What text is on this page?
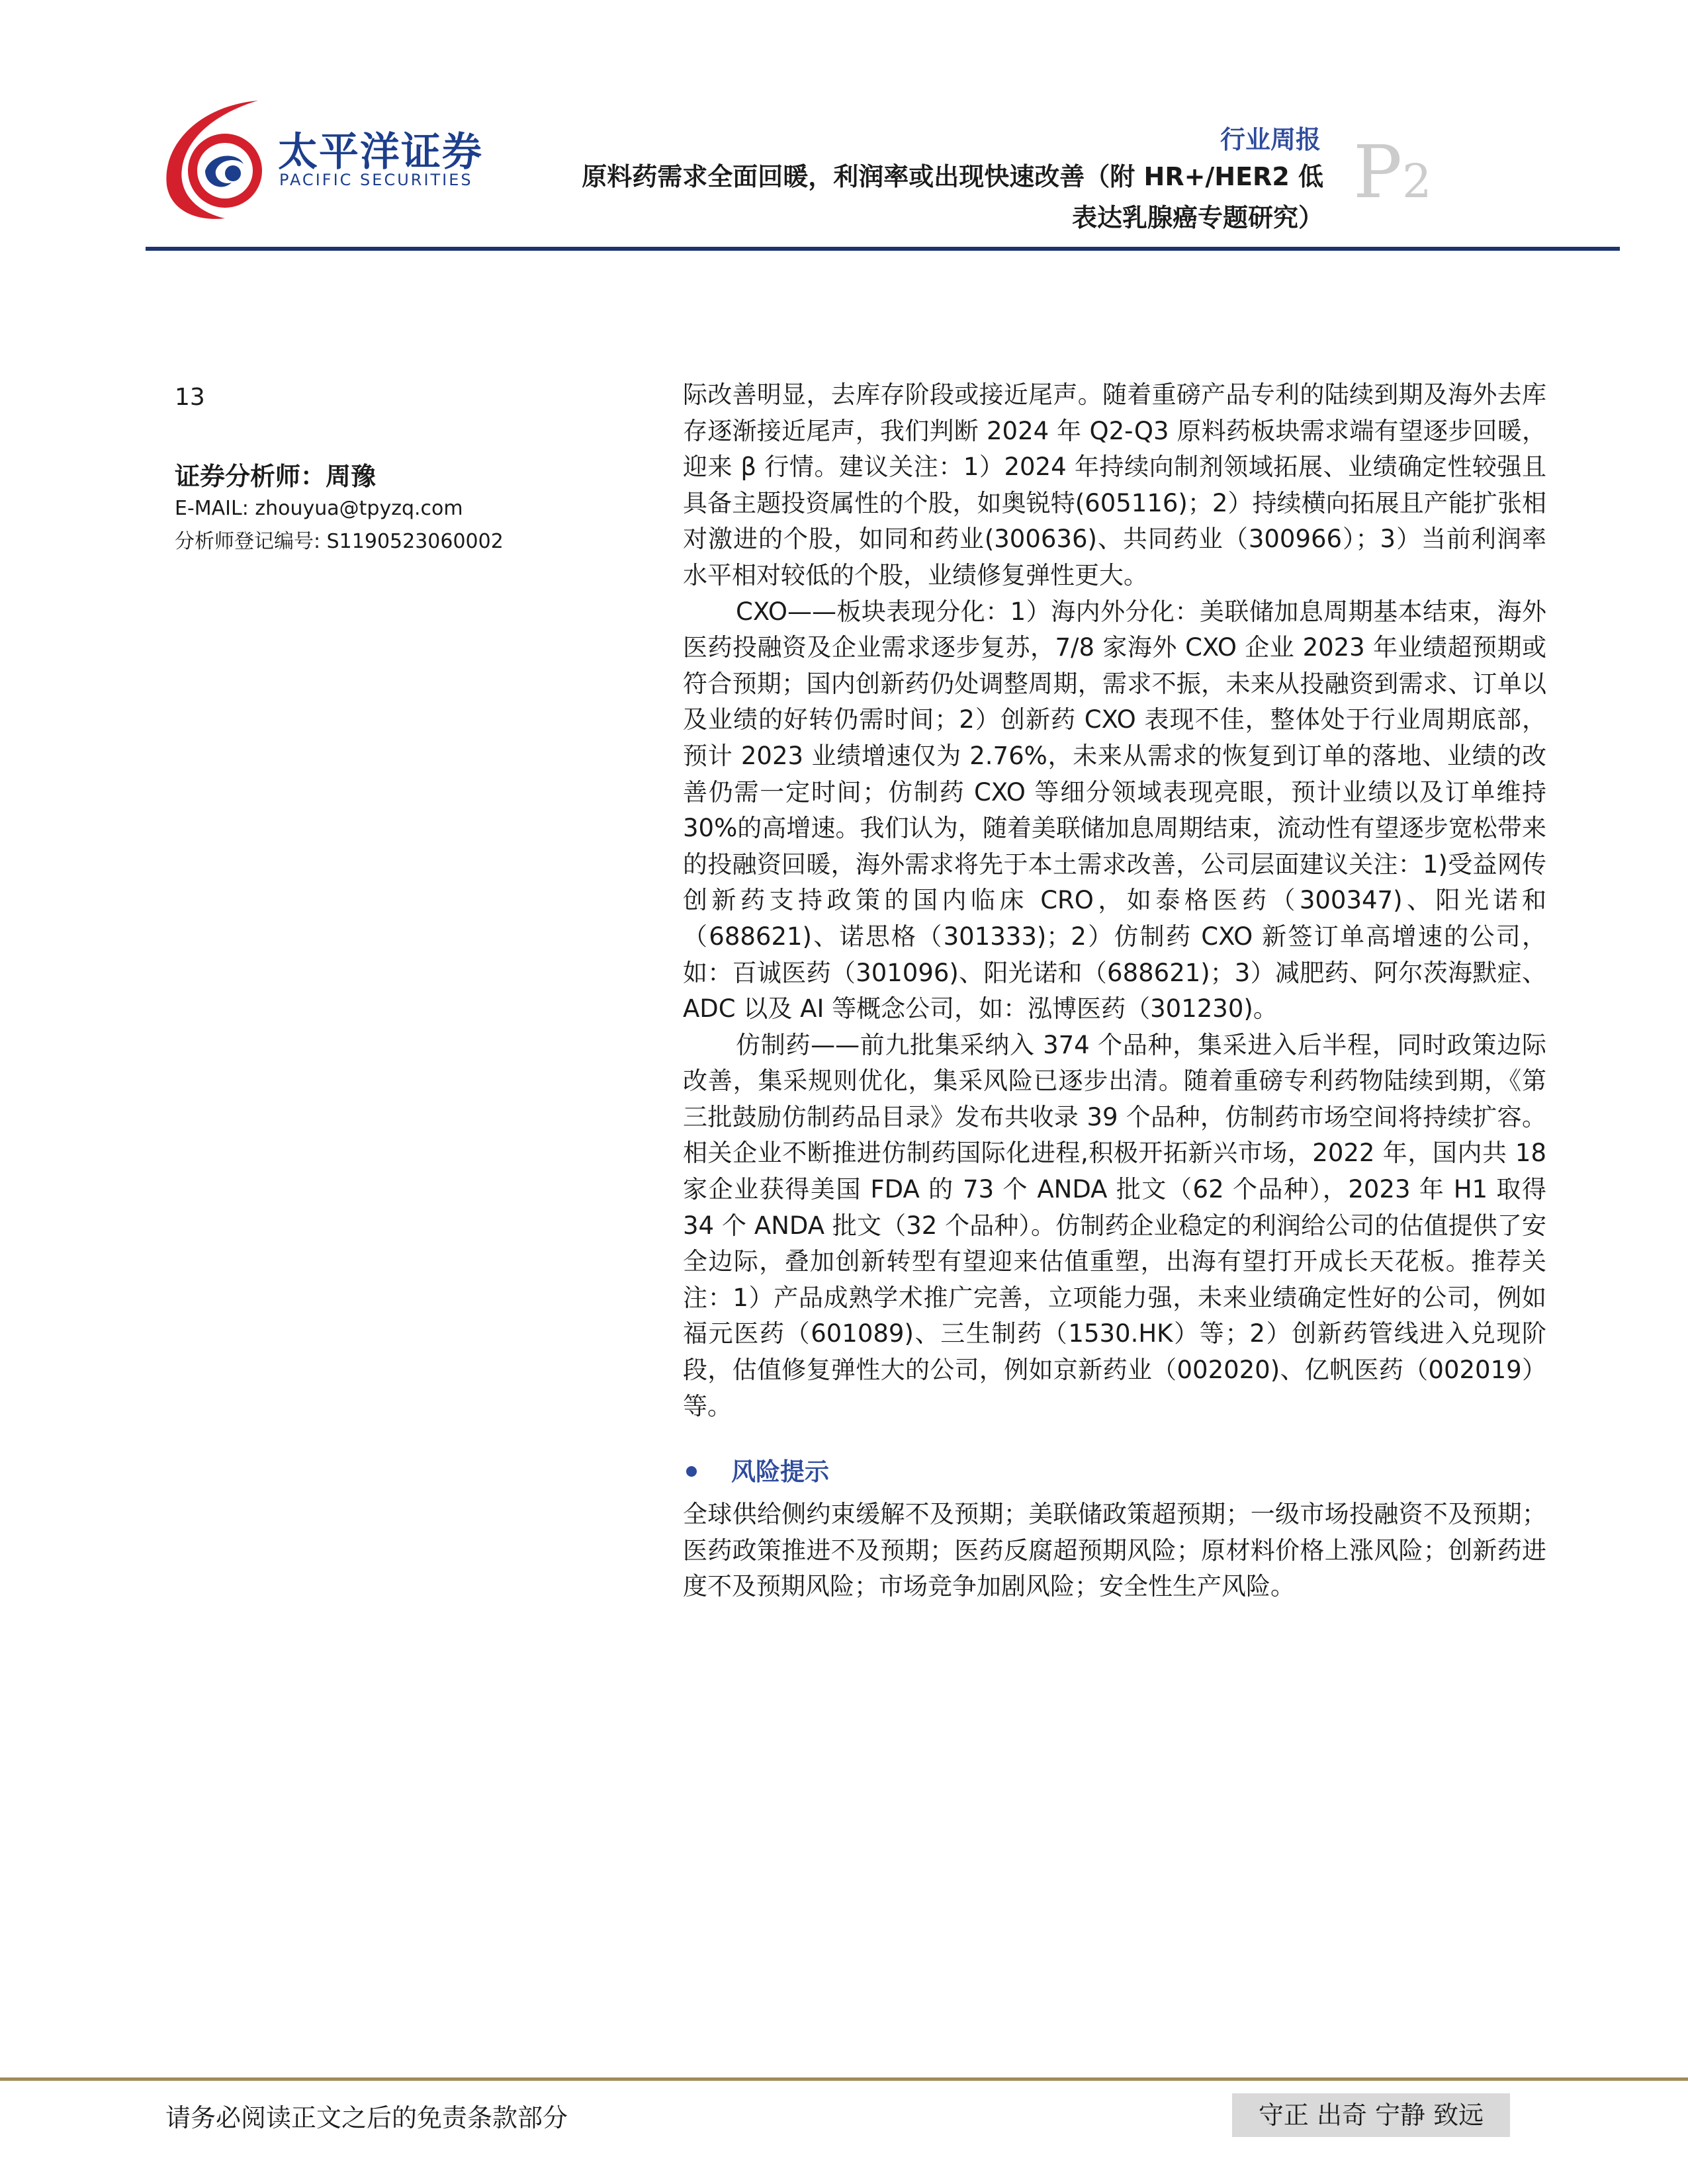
太平洋证券
PACIFIC SECURITIES
行业周报
原料药需求全面回暖，利润率或出现快速改善（附 HR+/HER2 低
表达乳腺癌专题研究）
P2
13
证券分析师：周豫
E-MAIL: zhouyua@tpyzq.com
分析师登记编号: S1190523060002

际改善明显，去库存阶段或接近尾声。随着重磅产品专利的陆续到期及海外去库存逐渐接近尾声，我们判断 2024 年 Q2-Q3 原料药板块需求端有望逐步回暖，迎来 β 行情。建议关注：1）2024 年持续向制剂领域拓展、业绩确定性较强且具备主题投资属性的个股，如奥锐特(605116)；2）持续横向拓展且产能扩张相对激进的个股，如同和药业(300636)、共同药业（300966）；3）当前利润率水平相对较低的个股，业绩修复弹性更大。

CXO——板块表现分化：1）海内外分化：美联储加息周期基本结束，海外医药投融资及企业需求逐步复苏，7/8 家海外 CXO 企业 2023 年业绩超预期或符合预期；国内创新药仍处调整周期，需求不振，未来从投融资到需求、订单以及业绩的好转仍需时间；2）创新药 CXO 表现不佳，整体处于行业周期底部，预计 2023 业绩增速仅为 2.76%，未来从需求的恢复到订单的落地、业绩的改善仍需一定时间；仿制药 CXO 等细分领域表现亮眼，预计业绩以及订单维持 30%的高增速。我们认为，随着美联储加息周期结束，流动性有望逐步宽松带来的投融资回暖，海外需求将先于本土需求改善，公司层面建议关注：1)受益网传创新药支持政策的国内临床 CRO，如泰格医药（300347)、阳光诺和（688621)、诺思格（301333)；2）仿制药 CXO 新签订单高增速的公司，如：百诚医药（301096)、阳光诺和（688621)；3）减肥药、阿尔茨海默症、ADC 以及 AI 等概念公司，如：泓博医药（301230)。

仿制药——前九批集采纳入 374 个品种，集采进入后半程，同时政策边际改善，集采规则优化，集采风险已逐步出清。随着重磅专利药物陆续到期，《第三批鼓励仿制药品目录》发布共收录 39 个品种，仿制药市场空间将持续扩容。相关企业不断推进仿制药国际化进程,积极开拓新兴市场，2022 年，国内共 18 家企业获得美国 FDA 的 73 个 ANDA 批文（62 个品种），2023 年 H1 取得 34 个 ANDA 批文（32 个品种）。仿制药企业稳定的利润给公司的估值提供了安全边际，叠加创新转型有望迎来估值重塑，出海有望打开成长天花板。推荐关注：1）产品成熟学术推广完善，立项能力强，未来业绩确定性好的公司，例如福元医药（601089)、三生制药（1530.HK）等；2）创新药管线进入兑现阶段，估值修复弹性大的公司，例如京新药业（002020)、亿帆医药（002019）等。

风险提示

全球供给侧约束缓解不及预期；美联储政策超预期；一级市场投融资不及预期；医药政策推进不及预期；医药反腐超预期风险；原材料价格上涨风险；创新药进度不及预期风险；市场竞争加剧风险；安全性生产风险。

请务必阅读正文之后的免责条款部分	守正 出奇 宁静 致远
